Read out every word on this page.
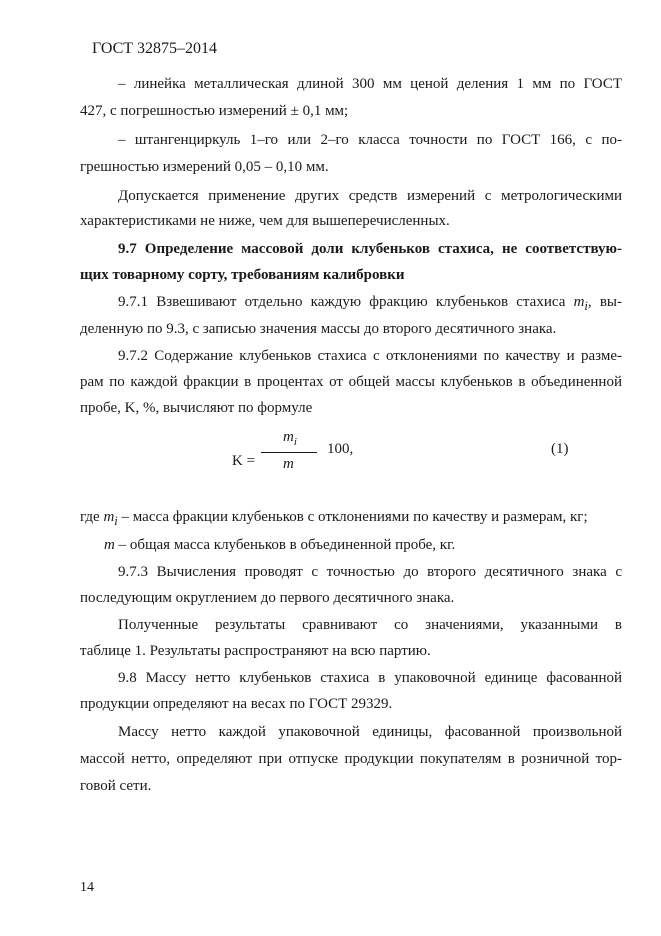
ГОСТ 32875–2014
– линейка металлическая длиной 300 мм ценой деления 1 мм по ГОСТ
427, с погрешностью измерений ± 0,1 мм;
– штангенциркуль 1–го или 2–го класса точности по ГОСТ 166, с по-
грешностью измерений 0,05 – 0,10 мм.
Допускается применение других средств измерений с метрологическими
характеристиками не ниже, чем для вышеперечисленных.
9.7 Определение массовой доли клубеньков стахиса, не соответствую-
щих товарному сорту, требованиям калибровки
9.7.1 Взвешивают отдельно каждую фракцию клубеньков стахиса $m_i$, вы-
деленную по 9.3, с записью значения массы до второго десятичного знака.
9.7.2 Содержание клубеньков стахиса с отклонениями по качеству и разме-
рам по каждой фракции в процентах от общей массы клубеньков в объединенной
пробе, K, %, вычисляют по формуле
$m_i$
K = m
100,	(1)
где $m_i$ – масса фракции клубеньков с отклонениями по качеству и размерам, кг;
m – общая масса клубеньков в объединенной пробе, кг.
9.7.3 Вычисления проводят с точностью до второго десятичного знака с
последующим округлением до первого десятичного знака.
Полученные результаты сравнивают со значениями, указанными в
таблице 1. Результаты распространяют на всю партию.
9.8 Массу нетто клубеньков стахиса в упаковочной единице фасованной
продукции определяют на весах по ГОСТ 29329.
Массу нетто каждой упаковочной единицы, фасованной произвольной
массой нетто, определяют при отпуске продукции покупателям в розничной тор-
говой сети.
14
